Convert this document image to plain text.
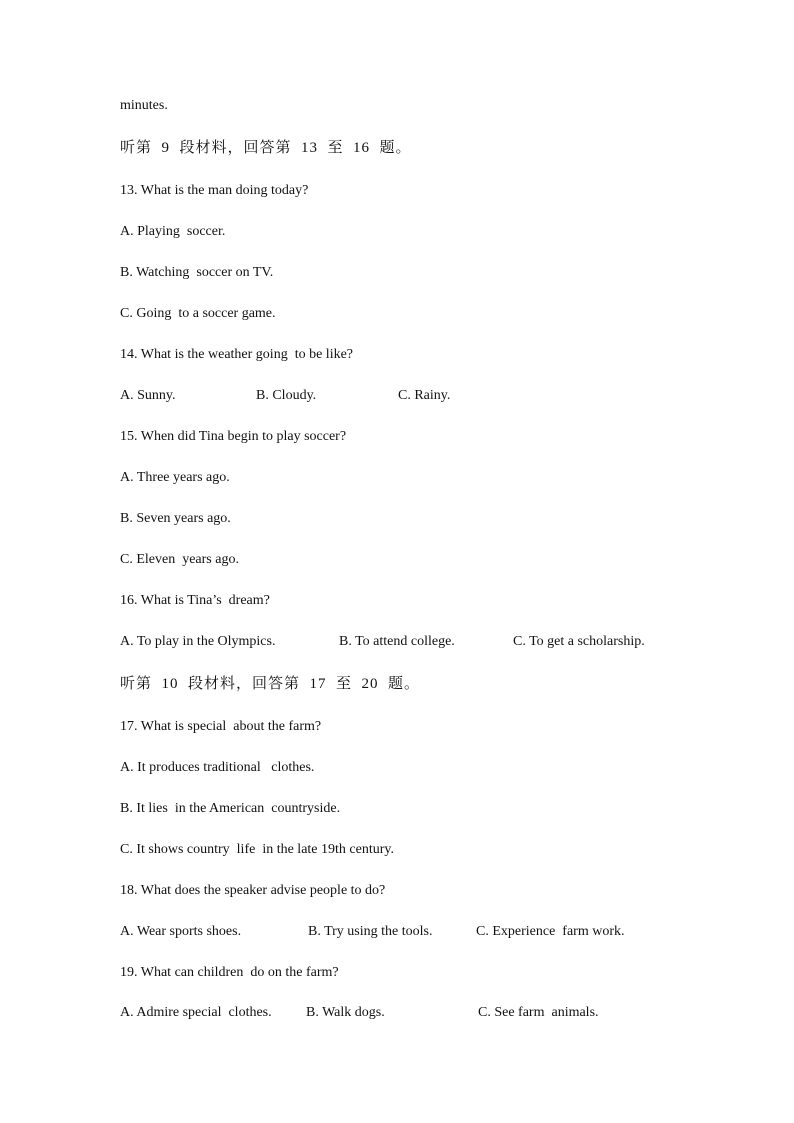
minutes.
听第  9  段材料，回答第  13  至  16  题。
13. What is the man doing today?
A. Playing  soccer.
B. Watching  soccer on TV.
C. Going  to a soccer game.
14. What is the weather going  to be like?
A. Sunny.	B. Cloudy.	C. Rainy.
15. When did Tina begin to play soccer?
A. Three years ago.
B. Seven years ago.
C. Eleven  years ago.
16. What is Tina’s  dream?
A. To play in the Olympics.	B. To attend college.	C. To get a scholarship.
听第  10  段材料，回答第  17  至  20  题。
17. What is special  about the farm?
A. It produces traditional   clothes.
B. It lies  in the American  countryside.
C. It shows country  life  in the late 19th century.
18. What does the speaker advise people to do?
A. Wear sports shoes.	B. Try using the tools.	C. Experience  farm work.
19. What can children  do on the farm?
A. Admire special  clothes. B. Walk dogs.	C. See farm  animals.
